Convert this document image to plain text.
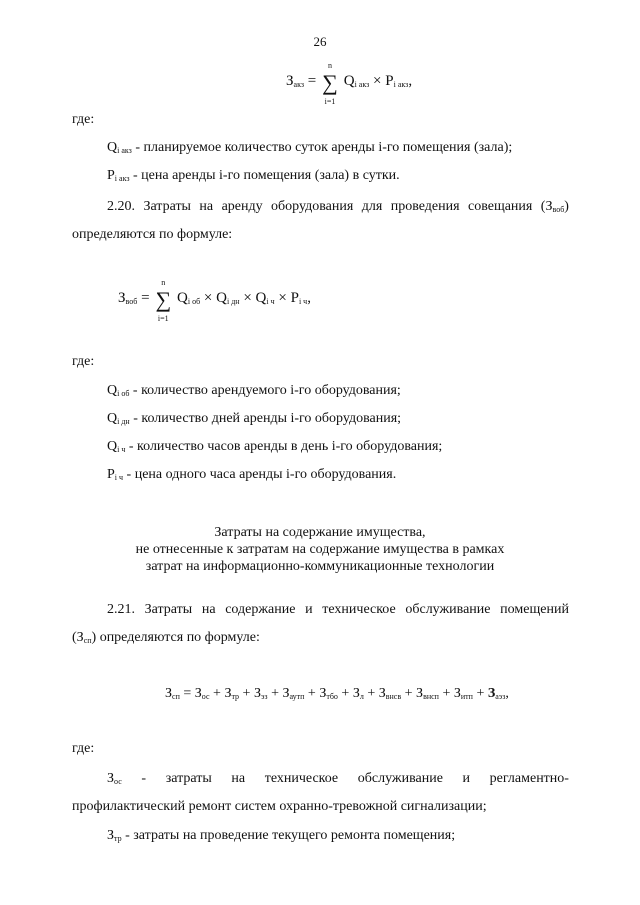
26
$З_{акз}$ = ∑
n
i=1
$Q_{i акз} \times P_{i акз}$,
где:
$Q_{i акз}$ - планируемое количество суток аренды i-го помещения (зала);
$P_{i акз}$ - цена аренды i-го помещения (зала) в сутки.
2.20. Затраты на аренду оборудования для проведения совещания $(З_{воб})$
определяются по формуле:
$З_{воб}$ = ∑
n
i=1
$Q_{i об} \times Q_{i дн} \times Q_{i ч} \times P_{i ч}$,
где:
$Q_{i об}$ - количество арендуемого i-го оборудования;
$Q_{i дн}$ - количество дней аренды i-го оборудования;
$Q_{i ч}$ - количество часов аренды в день i-го оборудования;
$P_{i ч}$ - цена одного часа аренды i-го оборудования.
Затраты на содержание имущества,
не отнесенные к затратам на содержание имущества в рамках
затрат на информационно-коммуникационные технологии
2.21. Затраты на содержание и техническое обслуживание помещений
$(З_{сп})$ определяются по формуле:
$З_{сп} = З_{ос} + З_{тр} + З_{эз} + З_{аутп} + З_{тбо} + З_л + З_{внсв} + З_{внсп} + З_{итп} + З_{аэз}$,
где:
$З_{ос}$ - затраты на техническое обслуживание и регламентно-
профилактический ремонт систем охранно-тревожной сигнализации;
$З_{тр}$ - затраты на проведение текущего ремонта помещения;
